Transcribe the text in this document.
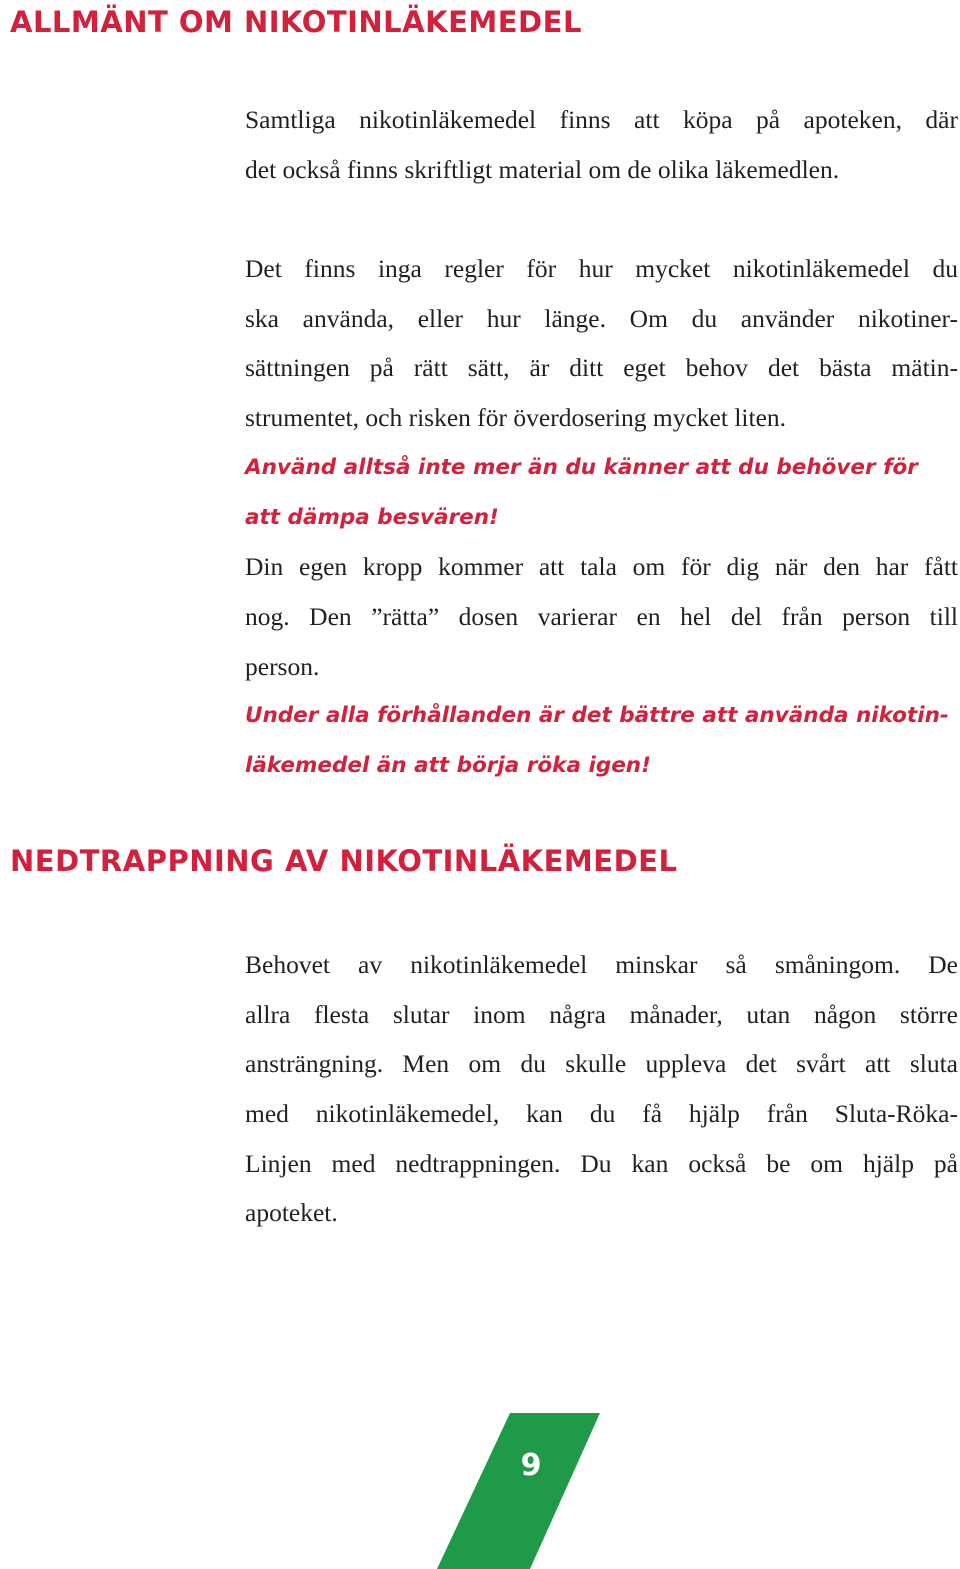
ALLMÄNT OM NIKOTINLÄKEMEDEL
Samtliga nikotinläkemedel finns att köpa på apoteken, där
det också finns skriftligt material om de olika läkemedlen.
Det finns inga regler för hur mycket nikotinläkemedel du
ska använda, eller hur länge. Om du använder nikotiner-
sättningen på rätt sätt, är ditt eget behov det bästa mätin-
strumentet, och risken för överdosering mycket liten.
Använd alltså inte mer än du känner att du behöver för
att dämpa besvären!
Din egen kropp kommer att tala om för dig när den har fått
nog. Den ”rätta” dosen varierar en hel del från person till
person.
Under alla förhållanden är det bättre att använda nikotin-
läkemedel än att börja röka igen!
NEDTRAPPNING AV NIKOTINLÄKEMEDEL
Behovet av nikotinläkemedel minskar så småningom. De
allra flesta slutar inom några månader, utan någon större
ansträngning. Men om du skulle uppleva det svårt att sluta
med nikotinläkemedel, kan du få hjälp från Sluta-Röka-
Linjen med nedtrappningen. Du kan också be om hjälp på
apoteket.
9
